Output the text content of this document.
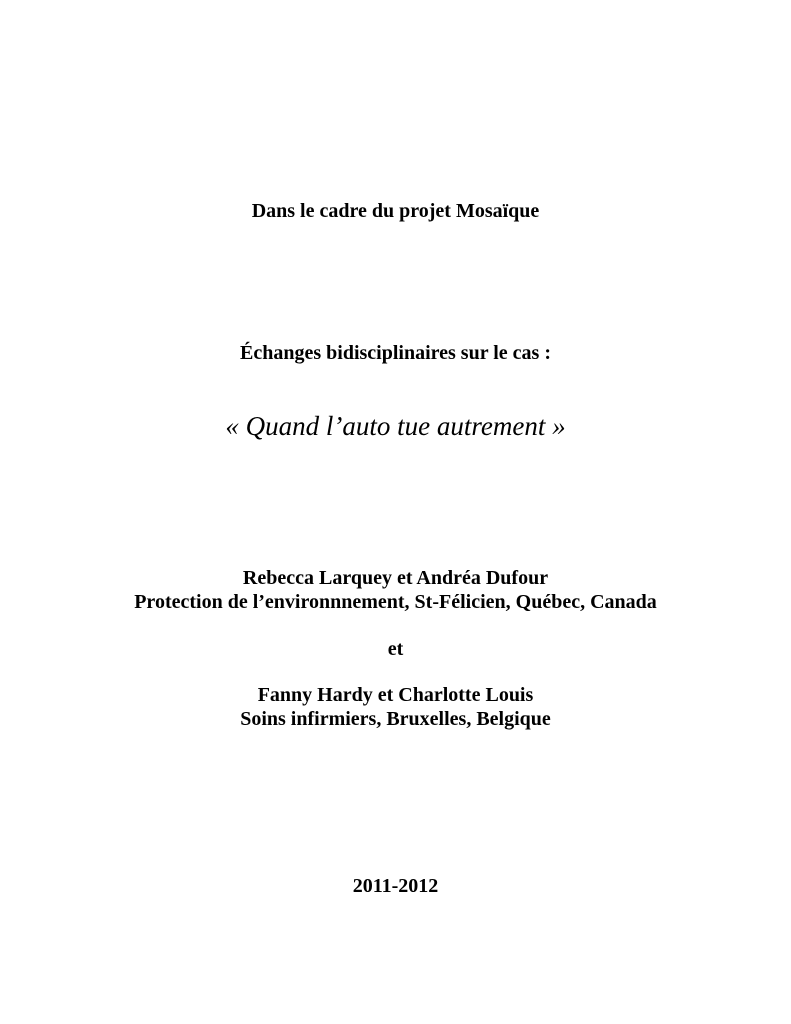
Dans le cadre du projet Mosaïque
Échanges bidisciplinaires sur le cas :
« Quand l’auto tue autrement »
Rebecca Larquey et Andréa Dufour
Protection de l’environnnement, St-Félicien, Québec, Canada
et
Fanny Hardy et Charlotte Louis
Soins infirmiers, Bruxelles, Belgique
2011-2012
